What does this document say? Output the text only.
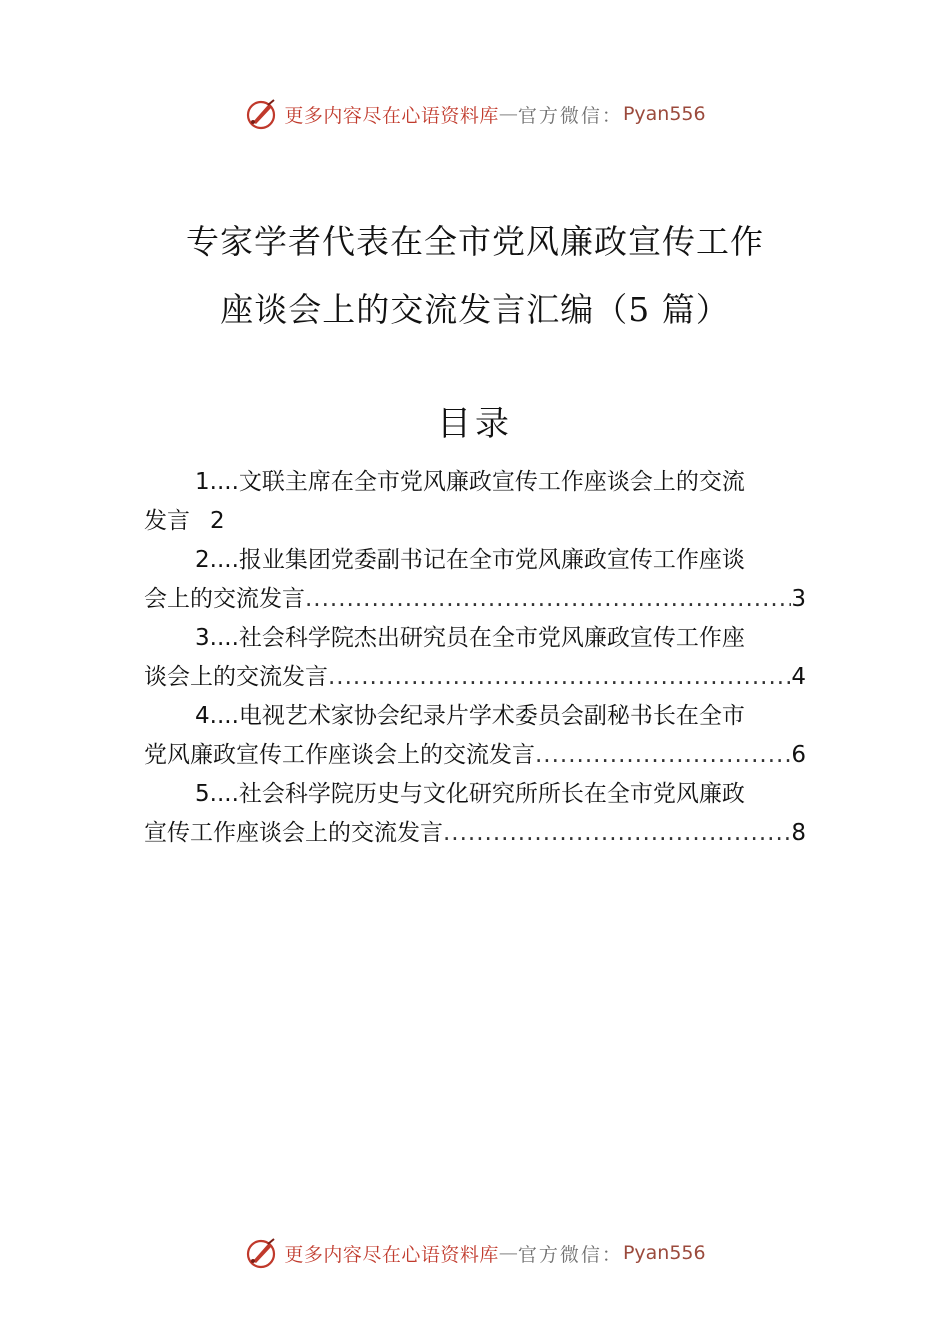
更多内容尽在心语资料库 — 官方微信： Pyan556
专家学者代表在全市党风廉政宣传工作
座谈会上的交流发言汇编（5 篇）
目录
1....文联主席在全市党风廉政宣传工作座谈会上的交流
发言 2
2....报业集团党委副书记在全市党风廉政宣传工作座谈
会上的交流发言 .....	3
3....社会科学院杰出研究员在全市党风廉政宣传工作座
谈会上的交流发言 .....	4
4....电视艺术家协会纪录片学术委员会副秘书长在全市
党风廉政宣传工作座谈会上的交流发言 .....	6
5....社会科学院历史与文化研究所所长在全市党风廉政
宣传工作座谈会上的交流发言 .....	8
更多内容尽在心语资料库 — 官方微信： Pyan556
